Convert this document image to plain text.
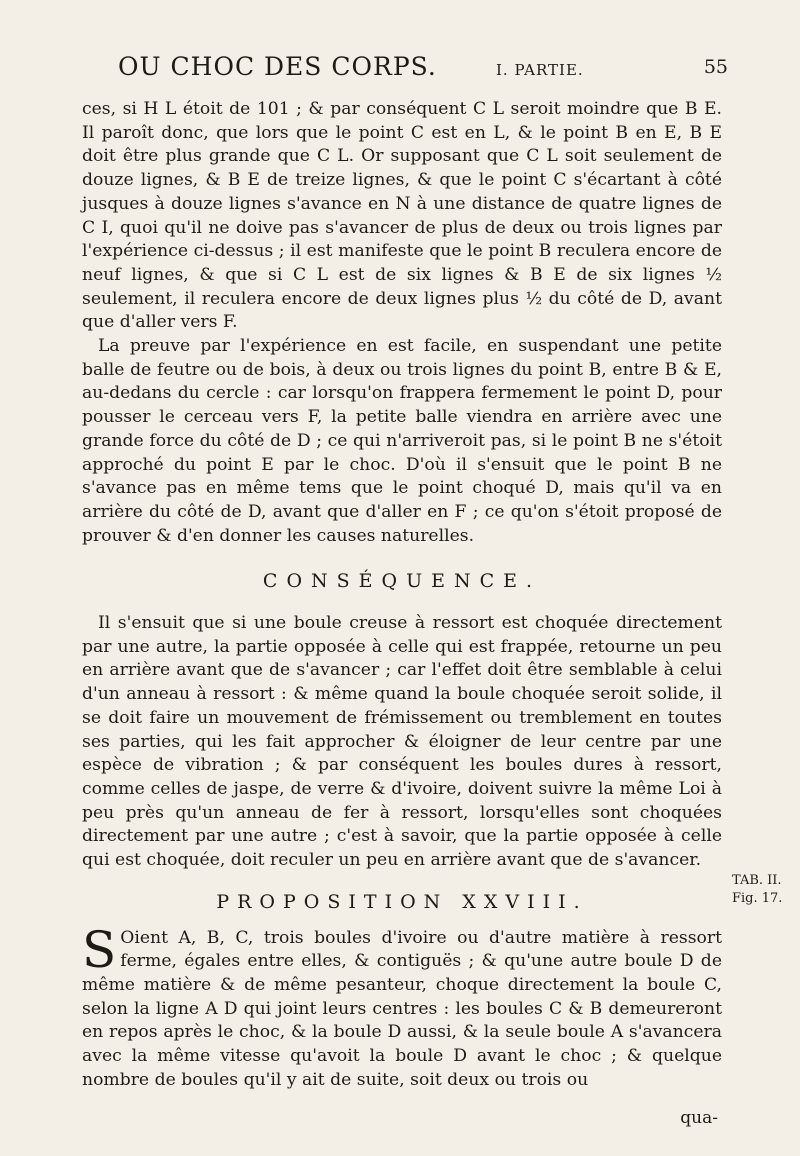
OU CHOC DES CORPS.	I. PARTIE.	55

ces, si H L étoit de 101 ; & par conséquent C L seroit moindre que B E. Il paroît donc, que lors que le point C est en L, & le point B en E, B E doit être plus grande que C L. Or supposant que C L soit seulement de douze lignes, & B E de treize lignes, & que le point C s'écartant à côté jusques à douze lignes s'avance en N à une distance de quatre lignes de C I, quoi qu'il ne doive pas s'avancer de plus de deux ou trois lignes par l'expérience ci-dessus ; il est manifeste que le point B reculera encore de neuf lignes, & que si C L est de six lignes & B E de six lignes ½ seulement, il reculera encore de deux lignes plus ½ du côté de D, avant que d'aller vers F.

La preuve par l'expérience en est facile, en suspendant une petite balle de feutre ou de bois, à deux ou trois lignes du point B, entre B & E, au-dedans du cercle : car lorsqu'on frappera fermement le point D, pour pousser le cerceau vers F, la petite balle viendra en arrière avec une grande force du côté de D ; ce qui n'arriveroit pas, si le point B ne s'étoit approché du point E par le choc. D'où il s'ensuit que le point B ne s'avance pas en même tems que le point choqué D, mais qu'il va en arrière du côté de D, avant que d'aller en F ; ce qu'on s'étoit proposé de prouver & d'en donner les causes naturelles.

CONSÉQUENCE.

Il s'ensuit que si une boule creuse à ressort est choquée directement par une autre, la partie opposée à celle qui est frappée, retourne un peu en arrière avant que de s'avancer ; car l'effet doit être semblable à celui d'un anneau à ressort : & même quand la boule choquée seroit solide, il se doit faire un mouvement de frémissement ou tremblement en toutes ses parties, qui les fait approcher & éloigner de leur centre par une espèce de vibration ; & par conséquent les boules dures à ressort, comme celles de jaspe, de verre & d'ivoire, doivent suivre la même Loi à peu près qu'un anneau de fer à ressort, lorsqu'elles sont choquées directement par une autre ; c'est à savoir, que la partie opposée à celle qui est choquée, doit reculer un peu en arrière avant que de s'avancer.

PROPOSITION XXVIII.

S Oient A, B, C, trois boules d'ivoire ou d'autre matière à ressort ferme, égales entre elles, & contiguës ; & qu'une autre boule D de même matière & de même pesanteur, choque directement la boule C, selon la ligne A D qui joint leurs centres : les boules C & B demeureront en repos après le choc, & la boule D aussi, & la seule boule A s'avancera avec la même vitesse qu'avoit la boule D avant le choc ; & quelque nombre de boules qu'il y ait de suite, soit deux ou trois ou

TAB. II.
Fig. 17.
qua-
